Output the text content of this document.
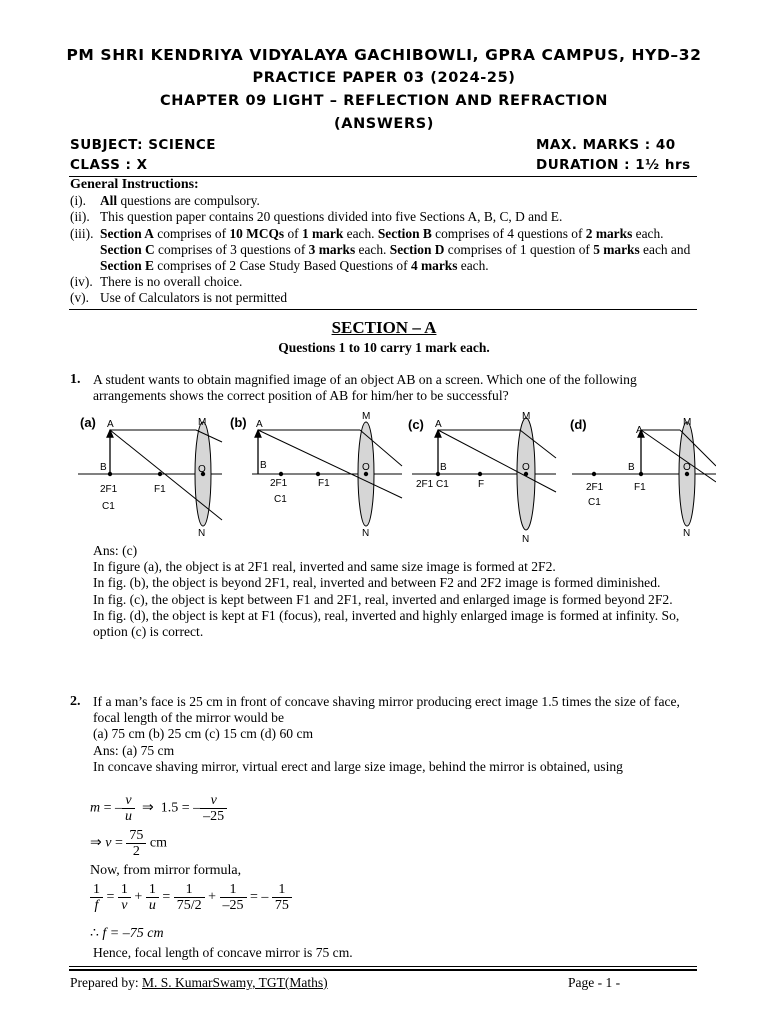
PM SHRI KENDRIYA VIDYALAYA GACHIBOWLI, GPRA CAMPUS, HYD–32
PRACTICE PAPER 03 (2024-25)
CHAPTER 09 LIGHT – REFLECTION AND REFRACTION
(ANSWERS)
SUBJECT: SCIENCE	MAX. MARKS : 40
CLASS : X	DURATION : 1½ hrs
General Instructions:
(i).	All questions are compulsory.
(ii). This question paper contains 20 questions divided into five Sections A, B, C, D and E.
(iii). Section A comprises of 10 MCQs of 1 mark each. Section B comprises of 4 questions of 2 marks each. Section C comprises of 3 questions of 3 marks each. Section D comprises of 1 question of 5 marks each and Section E comprises of 2 Case Study Based Questions of 4 marks each.
(iv). There is no overall choice.
(v). Use of Calculators is not permitted
SECTION – A
Questions 1 to 10 carry 1 mark each.
1. A student wants to obtain magnified image of an object AB on a screen. Which one of the following arrangements shows the correct position of AB for him/her to be successful?
(a) A
B
M
N
O
2F1
C1
F1
(b) A
B
M
N
O
2F1
C1
F1
(c) A
B
M
N
O
2F1 C1	F
(d)	A
B
M
N
O
2F1
C1
F1
Ans: (c)
In figure (a), the object is at 2F1 real, inverted and same size image is formed at 2F2.
In fig. (b), the object is beyond 2F1, real, inverted and between F2 and 2F2 image is formed diminished.
In fig. (c), the object is kept between F1 and 2F1, real, inverted and enlarged image is formed beyond 2F2.
In fig. (d), the object is kept at F1 (focus), real, inverted and highly enlarged image is formed at infinity. So, option (c) is correct.
2. If a man’s face is 25 cm in front of concave shaving mirror producing erect image 1.5 times the size of face, focal length of the mirror would be
(a) 75 cm (b) 25 cm (c) 15 cm (d) 60 cm
Ans: (a) 75 cm
In concave shaving mirror, virtual erect and large size image, behind the mirror is obtained, using
m = – $\frac{v}{u}$ ⇒ 1.5 = – $\frac{v}{-25}$
⇒ $v = \frac{75}{2}$ cm
Now, from mirror formula,
$\frac{1}{f} = \frac{1}{v} + \frac{1}{u} = \frac{1}{75/2} + \frac{1}{-25}$ = – $\frac{1}{75}$
∴ f = –75 cm
Hence, focal length of concave mirror is 75 cm.
Prepared by: M. S. KumarSwamy, TGT(Maths)	Page - 1 -
